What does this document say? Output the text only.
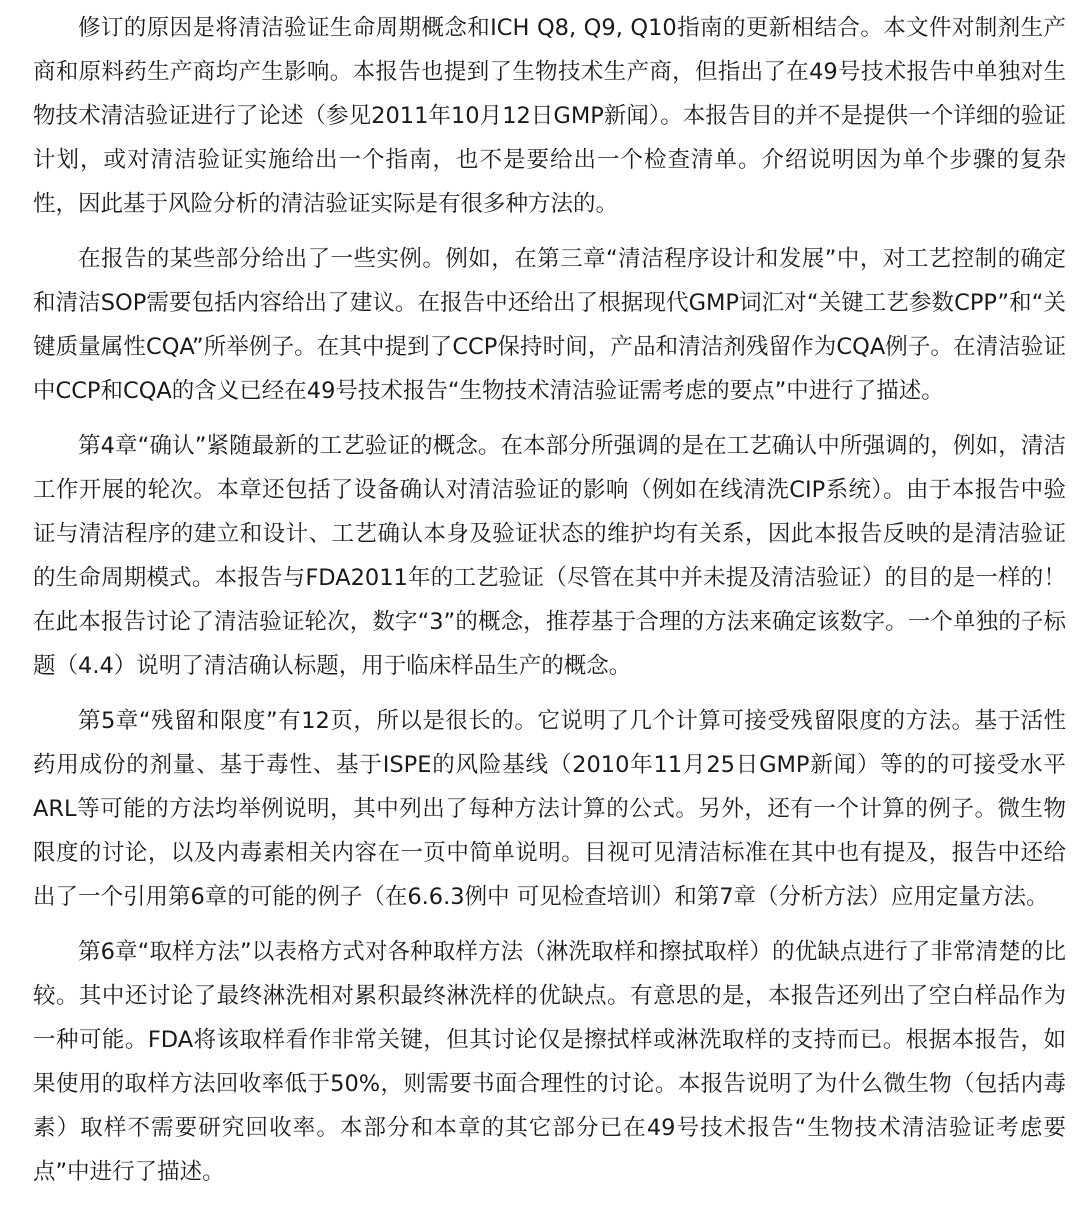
修订的原因是将清洁验证生命周期概念和ICH Q8, Q9, Q10指南的更新相结合。本文件对制剂生产商和原料药生产商均产生影响。本报告也提到了生物技术生产商，但指出了在49号技术报告中单独对生物技术清洁验证进行了论述（参见2011年10月12日GMP新闻）。本报告目的并不是提供一个详细的验证计划，或对清洁验证实施给出一个指南，也不是要给出一个检查清单。介绍说明因为单个步骤的复杂性，因此基于风险分析的清洁验证实际是有很多种方法的。

在报告的某些部分给出了一些实例。例如，在第三章“清洁程序设计和发展”中，对工艺控制的确定和清洁SOP需要包括内容给出了建议。在报告中还给出了根据现代GMP词汇对“关键工艺参数CPP”和“关键质量属性CQA”所举例子。在其中提到了CCP保持时间，产品和清洁剂残留作为CQA例子。在清洁验证中CCP和CQA的含义已经在49号技术报告“生物技术清洁验证需考虑的要点”中进行了描述。

第4章“确认”紧随最新的工艺验证的概念。在本部分所强调的是在工艺确认中所强调的，例如，清洁工作开展的轮次。本章还包括了设备确认对清洁验证的影响（例如在线清洗CIP系统）。由于本报告中验证与清洁程序的建立和设计、工艺确认本身及验证状态的维护均有关系，因此本报告反映的是清洁验证的生命周期模式。本报告与FDA2011年的工艺验证（尽管在其中并未提及清洁验证）的目的是一样的！在此本报告讨论了清洁验证轮次，数字“3”的概念，推荐基于合理的方法来确定该数字。一个单独的子标题（4.4）说明了清洁确认标题，用于临床样品生产的概念。

第5章“残留和限度”有12页，所以是很长的。它说明了几个计算可接受残留限度的方法。基于活性药用成份的剂量、基于毒性、基于ISPE的风险基线（2010年11月25日GMP新闻）等的的可接受水平ARL等可能的方法均举例说明，其中列出了每种方法计算的公式。另外，还有一个计算的例子。微生物限度的讨论，以及内毒素相关内容在一页中简单说明。目视可见清洁标准在其中也有提及，报告中还给出了一个引用第6章的可能的例子（在6.6.3例中 可见检查培训）和第7章（分析方法）应用定量方法。

第6章“取样方法”以表格方式对各种取样方法（淋洗取样和擦拭取样）的优缺点进行了非常清楚的比较。其中还讨论了最终淋洗相对累积最终淋洗样的优缺点。有意思的是，本报告还列出了空白样品作为一种可能。FDA将该取样看作非常关键，但其讨论仅是擦拭样或淋洗取样的支持而已。根据本报告，如果使用的取样方法回收率低于50%，则需要书面合理性的讨论。本报告说明了为什么微生物（包括内毒素）取样不需要研究回收率。本部分和本章的其它部分已在49号技术报告“生物技术清洁验证考虑要点”中进行了描述。
